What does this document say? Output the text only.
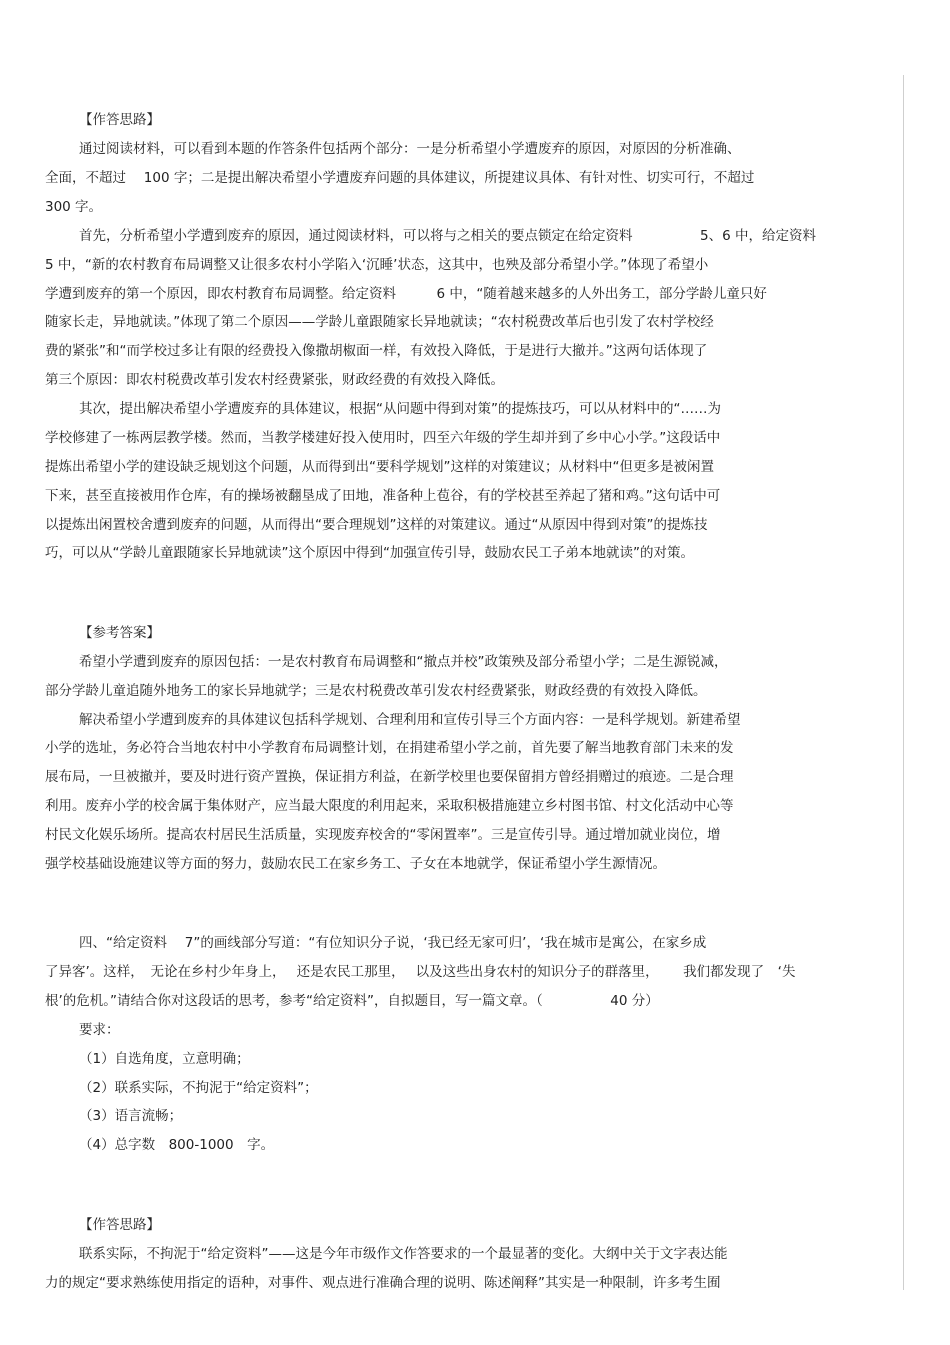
【作答思路】
通过阅读材料，可以看到本题的作答条件包括两个部分：一是分析希望小学遭废弃的原因，对原因的分析准确、
全面，不超过　 100 字；二是提出解决希望小学遭废弃问题的具体建议，所提建议具体、有针对性、切实可行，不超过
300 字。
首先，分析希望小学遭到废弃的原因，通过阅读材料，可以将与之相关的要点锁定在给定资料　　　　　5、6 中，给定资料
5 中，“新的农村教育布局调整又让很多农村小学陷入‘沉睡’状态，这其中，也殃及部分希望小学。”体现了希望小
学遭到废弃的第一个原因，即农村教育布局调整。给定资料　　　6 中，“随着越来越多的人外出务工，部分学龄儿童只好
随家长走，异地就读。”体现了第二个原因——学龄儿童跟随家长异地就读；“农村税费改革后也引发了农村学校经
费的紧张”和“而学校过多让有限的经费投入像撒胡椒面一样，有效投入降低，于是进行大撤并。”这两句话体现了
第三个原因：即农村税费改革引发农村经费紧张，财政经费的有效投入降低。
其次，提出解决希望小学遭废弃的具体建议，根据“从问题中得到对策”的提炼技巧，可以从材料中的“……为
学校修建了一栋两层教学楼。然而，当教学楼建好投入使用时，四至六年级的学生却并到了乡中心小学。”这段话中
提炼出希望小学的建设缺乏规划这个问题，从而得到出“要科学规划”这样的对策建议；从材料中“但更多是被闲置
下来，甚至直接被用作仓库，有的操场被翻垦成了田地，准备种上苞谷，有的学校甚至养起了猪和鸡。”这句话中可
以提炼出闲置校舍遭到废弃的问题，从而得出“要合理规划”这样的对策建议。通过“从原因中得到对策”的提炼技
巧，可以从“学龄儿童跟随家长异地就读”这个原因中得到“加强宣传引导，鼓励农民工子弟本地就读”的对策。
【参考答案】
希望小学遭到废弃的原因包括：一是农村教育布局调整和“撤点并校”政策殃及部分希望小学；二是生源锐减，
部分学龄儿童追随外地务工的家长异地就学；三是农村税费改革引发农村经费紧张，财政经费的有效投入降低。
解决希望小学遭到废弃的具体建议包括科学规划、合理利用和宣传引导三个方面内容：一是科学规划。新建希望
小学的选址，务必符合当地农村中小学教育布局调整计划，在捐建希望小学之前，首先要了解当地教育部门未来的发
展布局，一旦被撤并，要及时进行资产置换，保证捐方利益，在新学校里也要保留捐方曾经捐赠过的痕迹。二是合理
利用。废弃小学的校舍属于集体财产，应当最大限度的利用起来，采取积极措施建立乡村图书馆、村文化活动中心等
村民文化娱乐场所。提高农村居民生活质量，实现废弃校舍的“零闲置率”。三是宣传引导。通过增加就业岗位，增
强学校基础设施建议等方面的努力，鼓励农民工在家乡务工、子女在本地就学，保证希望小学生源情况。
四、“给定资料　 7”的画线部分写道：“有位知识分子说，‘我已经无家可归’，‘我在城市是寓公，在家乡成
了异客’。这样，　无论在乡村少年身上，　 还是农民工那里，　 以及这些出身农村的知识分子的群落里，　　 我们都发现了　‘失
根’的危机。”请结合你对这段话的思考，参考“给定资料”，自拟题目，写一篇文章。（　　　　　40 分）
要求：
（1）自选角度，立意明确；
（2）联系实际，不拘泥于“给定资料”；
（3）语言流畅；
（4）总字数　800-1000　字。
【作答思路】
联系实际，不拘泥于“给定资料”——这是今年市级作文作答要求的一个最显著的变化。大纲中关于文字表达能
力的规定“要求熟练使用指定的语种，对事件、观点进行准确合理的说明、陈述阐释”其实是一种限制，许多考生囿
